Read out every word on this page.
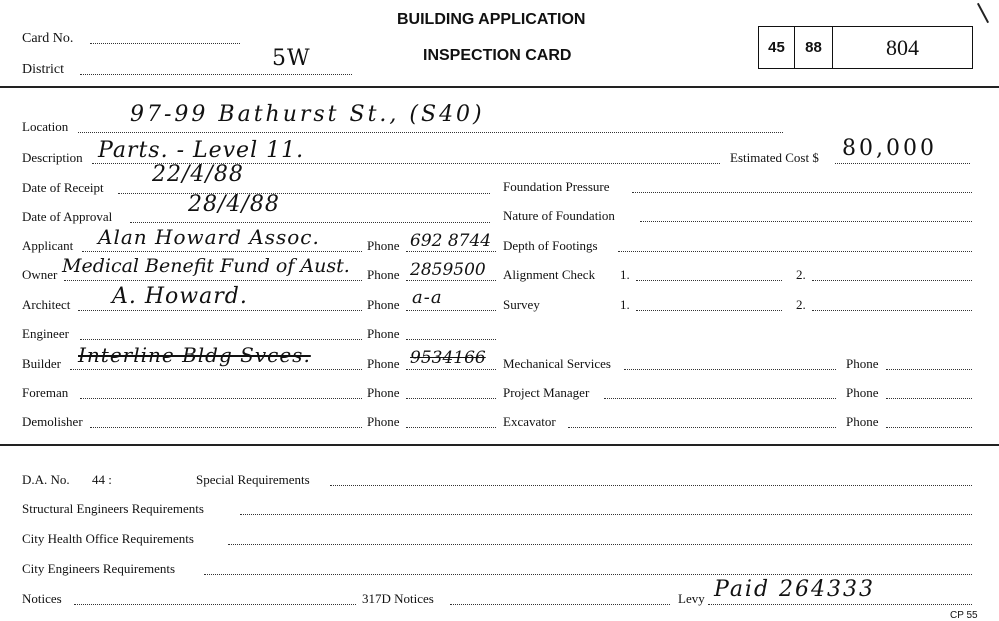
Card No.
District	5W
BUILDING APPLICATION
INSPECTION CARD	45	88	804
Location	97-99 Bathurst St., (S40)
Description Parts. - Level 11.	Estimated Cost $ 80,000
Date of Receipt
22/4/88
Date of Approval	28/4/88
Applicant Alan Howard Assoc.	Phone 692 8744
Owner Medical Benefit Fund of Aust. Phone 2859500
Architect A. Howard.	Phone a-a
Engineer	Phone
Builder Interline Bldg Svces.	Phone 9534166
Foreman	Phone
Demolisher	Phone
Foundation Pressure
Nature of Foundation
Depth of Footings
Alignment Check 1.	2.
Survey	1.	2.
Mechanical Services	Phone
Project Manager	Phone
Excavator	Phone
D.A. No. 44 :	Special Requirements
Structural Engineers Requirements
City Health Office Requirements
City Engineers Requirements
Notices	317D Notices	Levy Paid 264333
CP 55
